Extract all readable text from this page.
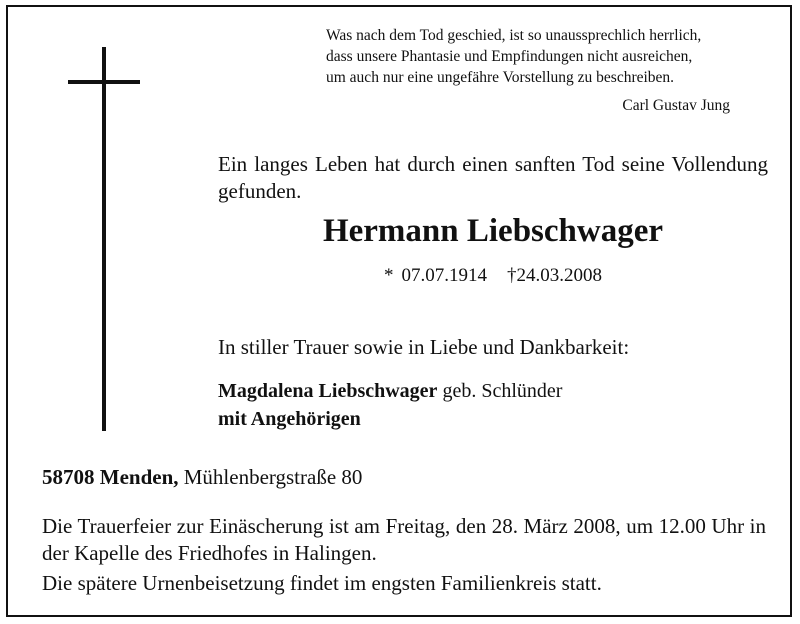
Was nach dem Tod geschied, ist so unaussprechlich herrlich,
dass unsere Phantasie und Empfindungen nicht ausreichen,
um auch nur eine ungefähre Vorstellung zu beschreiben.
Carl Gustav Jung
Ein langes Leben hat durch einen sanften Tod seine Vollendung gefunden.
Hermann Liebschwager
* 07.07.1914 †24.03.2008
In stiller Trauer sowie in Liebe und Dankbarkeit:
Magdalena Liebschwager geb. Schlünder
mit Angehörigen
58708 Menden, Mühlenbergstraße 80
Die Trauerfeier zur Einäscherung ist am Freitag, den 28. März 2008, um 12.00 Uhr in der Kapelle des Friedhofes in Halingen.
Die spätere Urnenbeisetzung findet im engsten Familienkreis statt.
